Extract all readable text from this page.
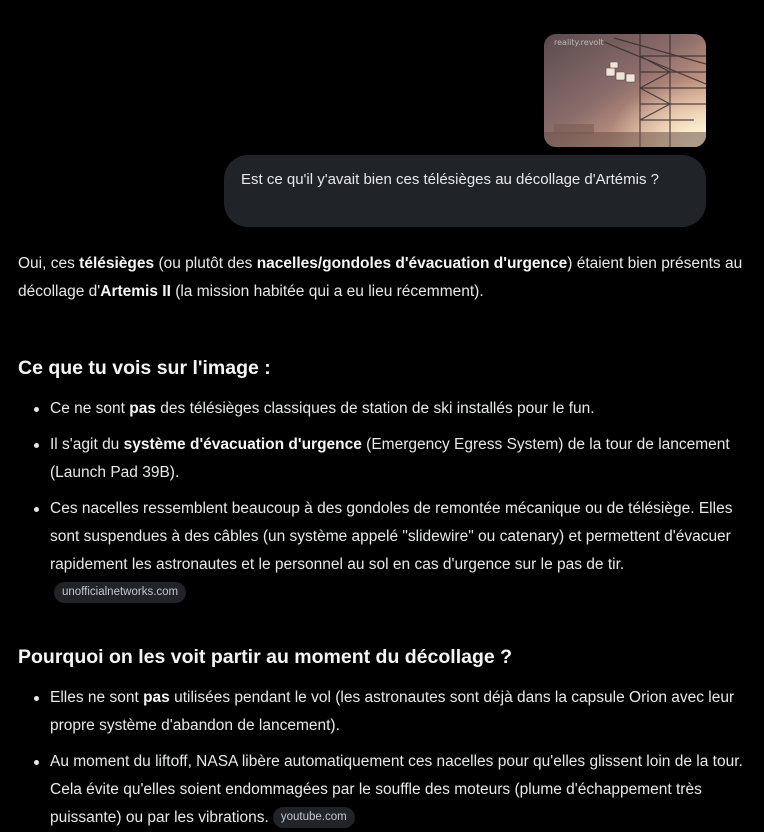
reality.revolt
Est ce qu'il y'avait bien ces télésièges au décollage d'Artémis ?

Oui, ces télésièges (ou plutôt des nacelles/gondoles d'évacuation d'urgence) étaient bien présents au décollage d'Artemis II (la mission habitée qui a eu lieu récemment).

Ce que tu vois sur l'image :
Ce ne sont pas des télésièges classiques de station de ski installés pour le fun.
Il s'agit du système d'évacuation d'urgence (Emergency Egress System) de la tour de lancement (Launch Pad 39B).
Ces nacelles ressemblent beaucoup à des gondoles de remontée mécanique ou de télésiège. Elles sont suspendues à des câbles (un système appelé "slidewire" ou catenary) et permettent d'évacuer rapidement les astronautes et le personnel au sol en cas d'urgence sur le pas de tir.unofficialnetworks.com
Pourquoi on les voit partir au moment du décollage ?
Elles ne sont pas utilisées pendant le vol (les astronautes sont déjà dans la capsule Orion avec leur propre système d'abandon de lancement).
Au moment du liftoff, NASA libère automatiquement ces nacelles pour qu'elles glissent loin de la tour. Cela évite qu'elles soient endommagées par le souffle des moteurs (plume d'échappement très puissante) ou par les vibrations. youtube.com
